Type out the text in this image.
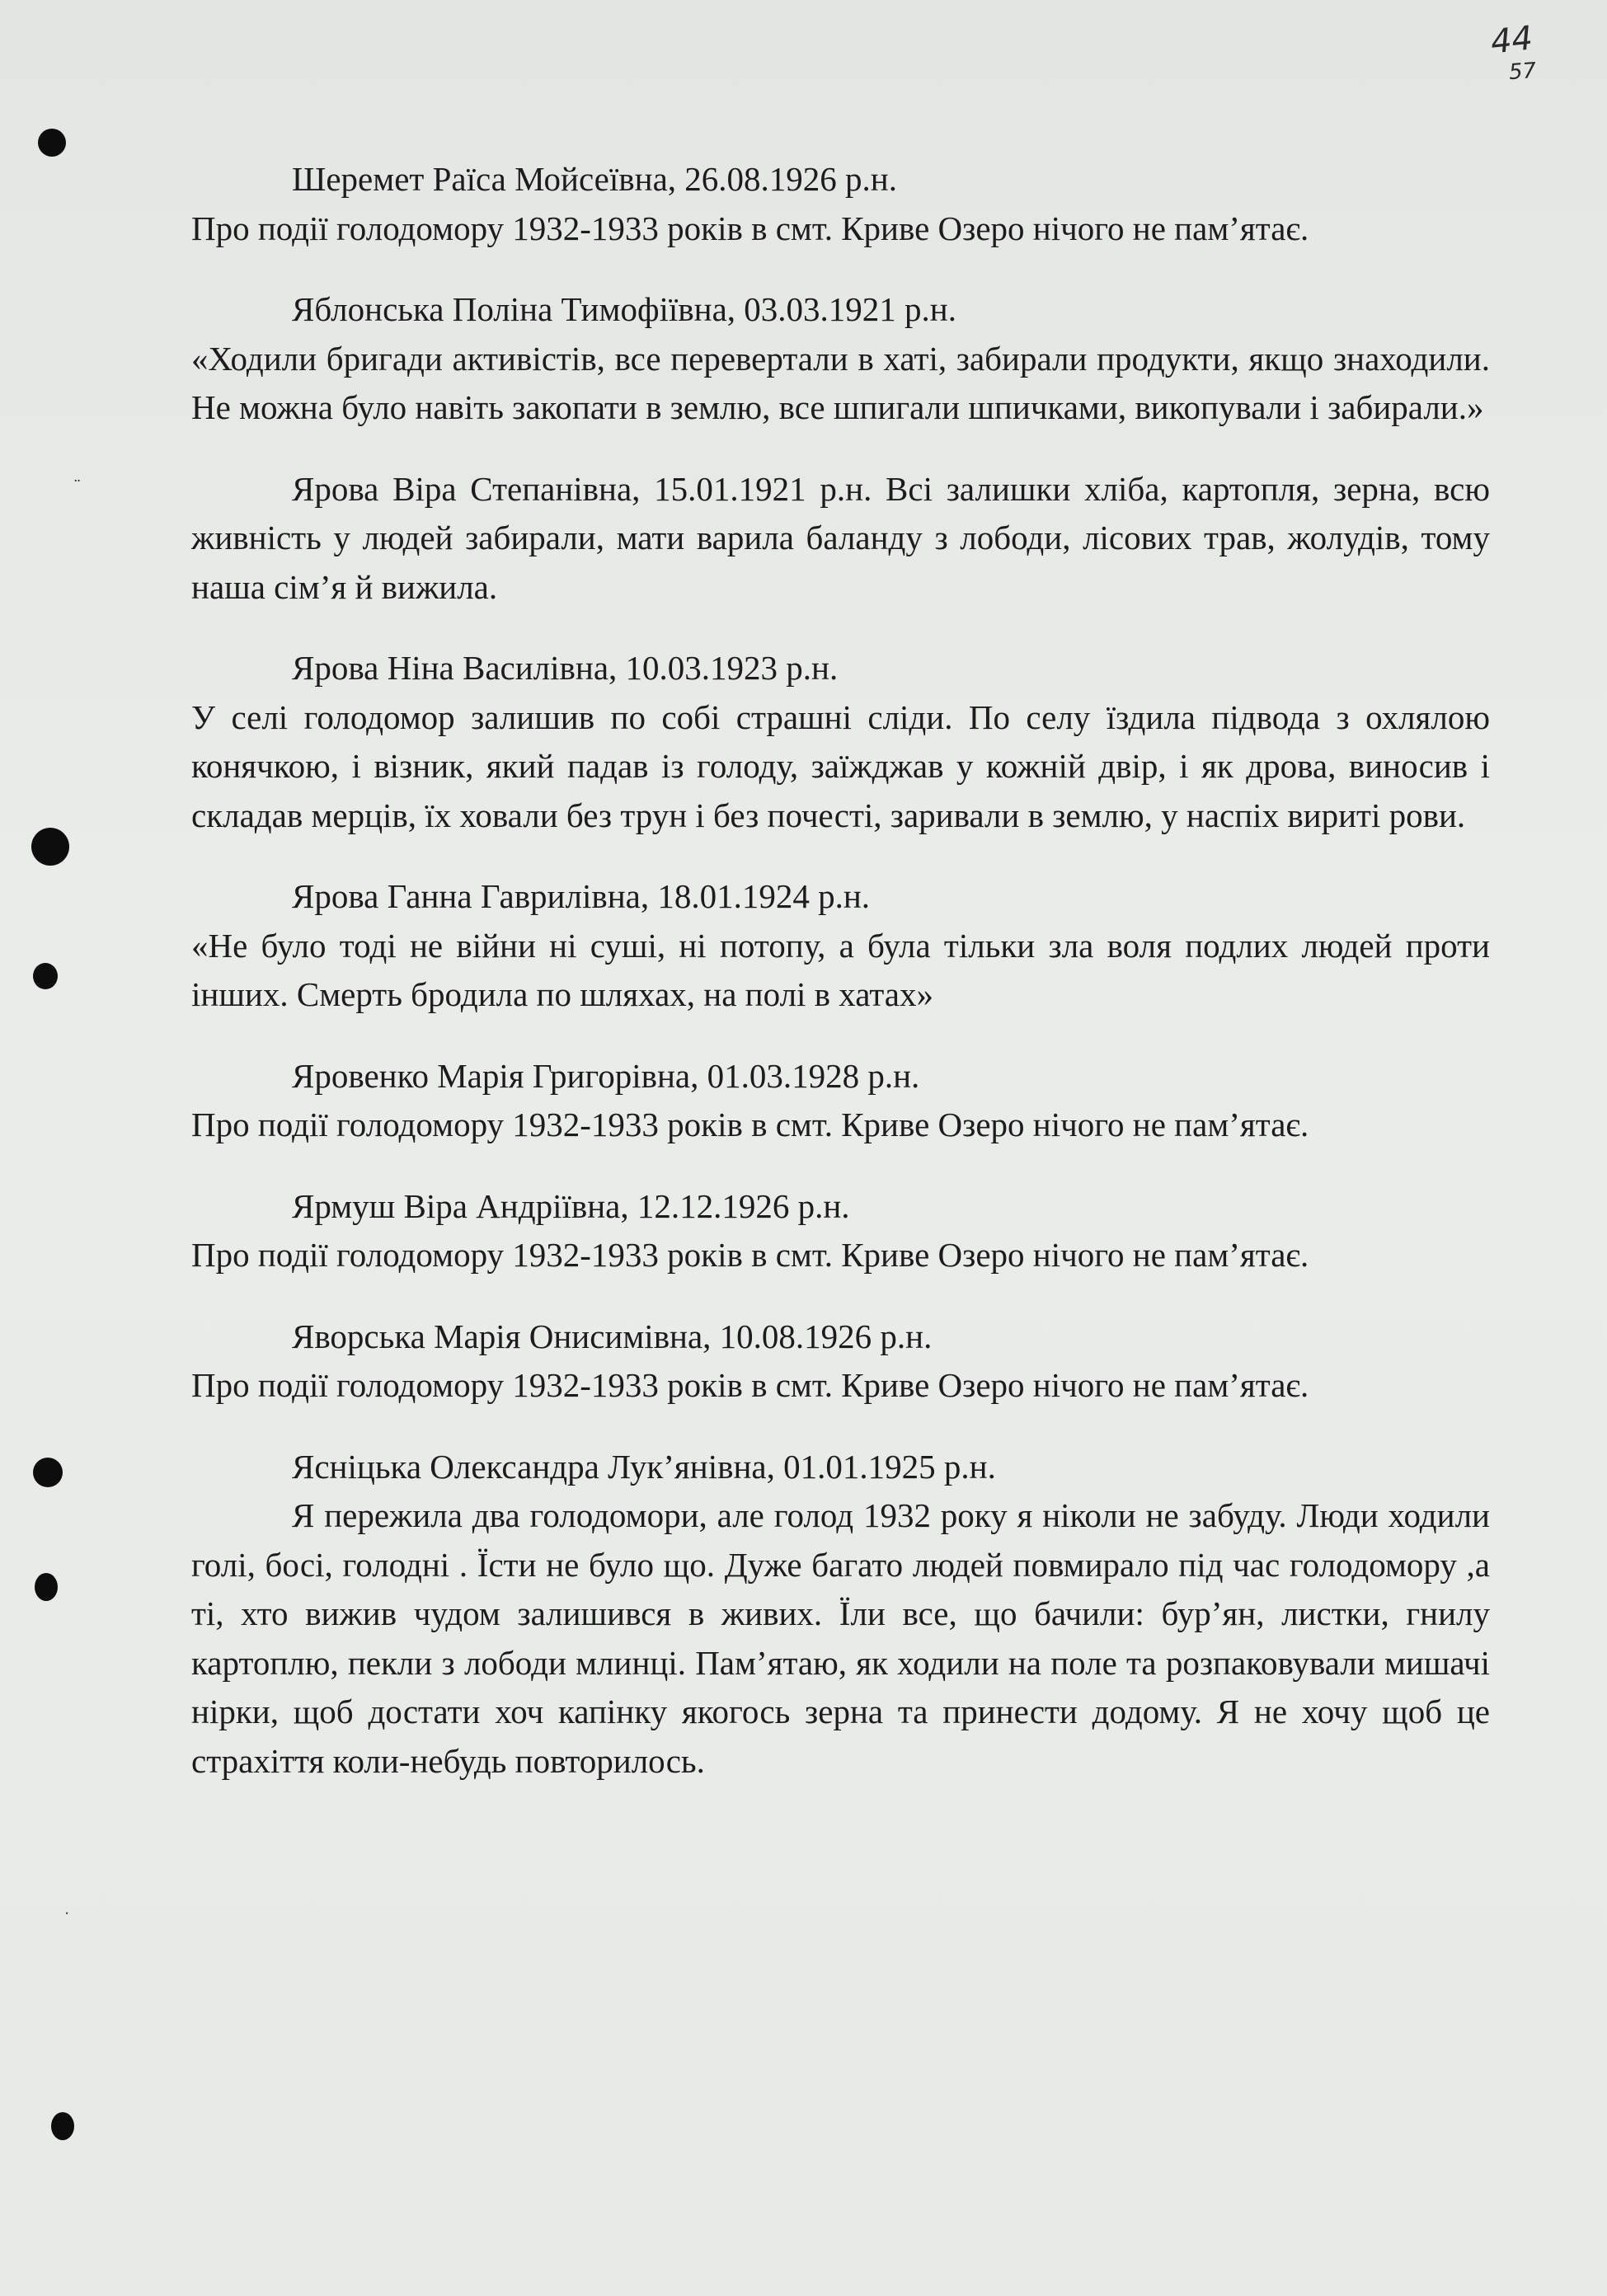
¨
ˑ
44
57

Шеремет Раїса Мойсеївна, 26.08.1926 р.н.

Про події голодомору 1932-1933 років в смт. Криве Озеро нічого не пам’ятає.

Яблонська Поліна Тимофіївна, 03.03.1921 р.н.

«Ходили бригади активістів, все перевертали в хаті, забирали продукти, якщо знаходили. Не можна було навіть закопати в землю, все шпигали шпичками, викопували і забирали.»

Ярова Віра Степанівна, 15.01.1921 р.н. Всі залишки хліба, картопля, зерна, всю живність у людей забирали, мати варила баланду з лободи, лісових трав, жолудів, тому наша сім’я й вижила.

Ярова Ніна Василівна, 10.03.1923 р.н.

У селі голодомор залишив по собі страшні сліди. По селу їздила підвода з охлялою конячкою, і візник, який падав із голоду, заїжджав у кожній двір, і як дрова, виносив і складав мерців, їх ховали без трун і без почесті, заривали в землю, у наспіх вириті рови.

Ярова Ганна Гаврилівна, 18.01.1924 р.н.

«Не було тоді не війни ні суші, ні потопу, а була тільки зла воля подлих людей проти інших. Смерть бродила по шляхах, на полі в хатах»

Яровенко Марія Григорівна, 01.03.1928 р.н.

Про події голодомору 1932-1933 років в смт. Криве Озеро нічого не пам’ятає.

Ярмуш Віра Андріївна, 12.12.1926 р.н.

Про події голодомору 1932-1933 років в смт. Криве Озеро нічого не пам’ятає.

Яворська Марія Онисимівна, 10.08.1926 р.н.

Про події голодомору 1932-1933 років в смт. Криве Озеро нічого не пам’ятає.

Ясніцька Олександра Лук’янівна, 01.01.1925 р.н.

Я пережила два голодомори, але голод 1932 року я ніколи не забуду. Люди ходили голі, босі, голодні . Їсти не було що. Дуже багато людей повмирало під час голодомору ,а ті, хто вижив чудом залишився в живих. Їли все, що бачили: бур’ян, листки, гнилу картоплю, пекли з лободи млинці. Пам’ятаю, як ходили на поле та розпаковували мишачі нірки, щоб достати хоч капінку якогось зерна та принести додому. Я не хочу щоб це страхіття коли-небудь повторилось.
